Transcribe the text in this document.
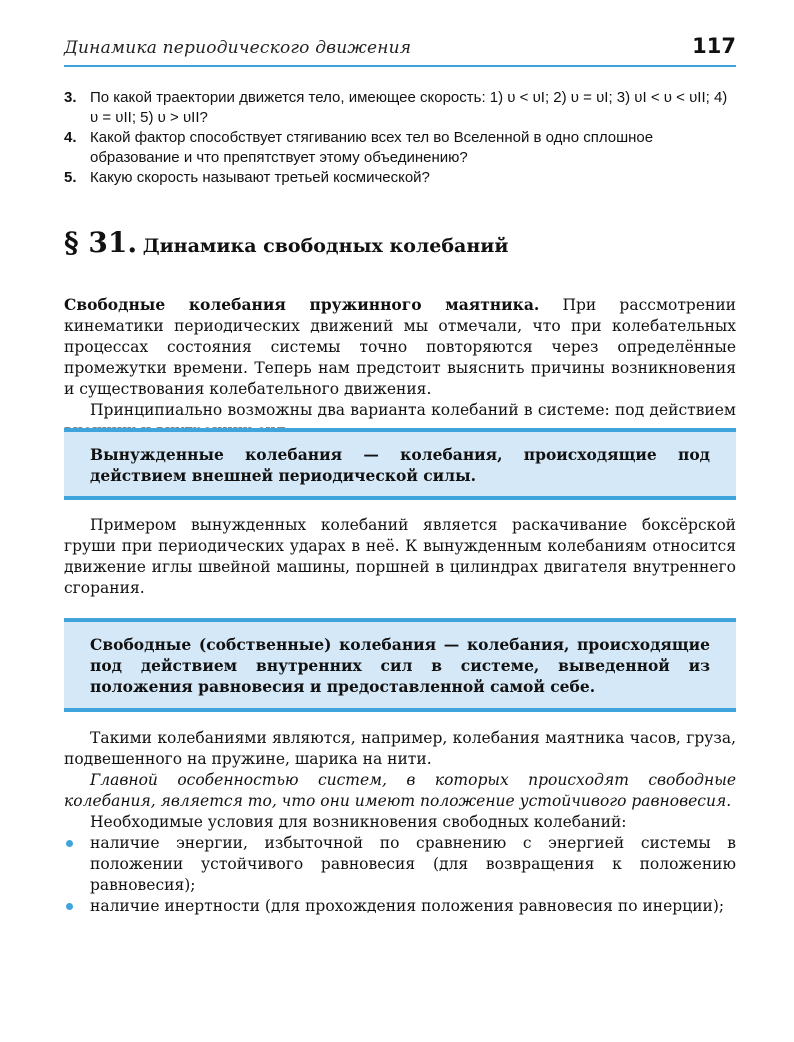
Динамика периодического движения	117

3. По какой траектории движется тело, имеющее скорость: 1) υ < υI; 2) υ = υI; 3) υI < υ < υII; 4) υ = υII; 5) υ > υII?

4. Какой фактор способствует стягиванию всех тел во Вселенной в одно сплошное образование и что препятствует этому объединению?

5. Какую скорость называют третьей космической?

§ 31. Динамика свободных колебаний

Свободные колебания пружинного маятника. При рассмотрении кинематики периодических движений мы отмечали, что при колебательных процессах состояния системы точно повторяются через определённые промежутки времени. Теперь нам предстоит выяснить причины возникновения и существования колебательного движения.

Принципиально возможны два варианта колебаний в системе: под действием

Вынужденные колебания — колебания, происходящие под действием внешней периодической силы.

Примером вынужденных колебаний является раскачивание боксёрской груши при периодических ударах в неё. К вынужденным колебаниям относится движение иглы швейной машины, поршней в цилиндрах двигателя внутреннего сгорания.

Свободные (собственные) колебания — колебания, происходящие под действием внутренних сил в системе, выведенной из положения равновесия и предоставленной самой себе.

Такими колебаниями являются, например, колебания маятника часов, груза, подвешенного на пружине, шарика на нити.

Главной особенностью систем, в которых происходят свободные колебания, является то, что они имеют положение устойчивого равновесия.

Необходимые условия для возникновения свободных колебаний:

наличие энергии, избыточной по сравнению с энергией системы в положении устойчивого равновесия (для возвращения к положению равновесия);
наличие инертности (для прохождения положения равновесия по инерции);
